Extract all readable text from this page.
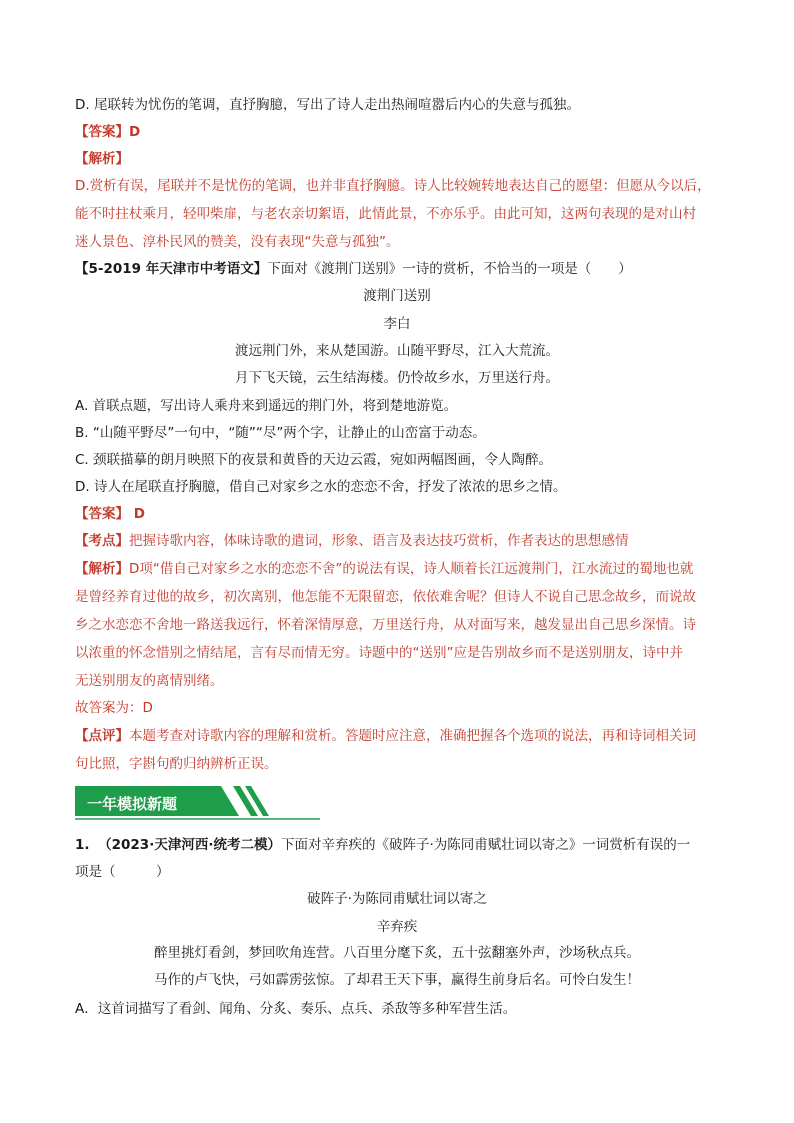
D. 尾联转为忧伤的笔调，直抒胸臆，写出了诗人走出热闹喧嚣后内心的失意与孤独。
【答案】D
【解析】
D.赏析有误，尾联并不是忧伤的笔调，也并非直抒胸臆。诗人比较婉转地表达自己的愿望：但愿从今以后，
能不时拄杖乘月，轻叩柴扉，与老农亲切絮语，此情此景，不亦乐乎。由此可知，这两句表现的是对山村
迷人景色、淳朴民风的赞美，没有表现“失意与孤独”。
【5-2019 年天津市中考语文】下面对《渡荆门送别》一诗的赏析，不恰当的一项是（　　）
渡荆门送别
李白
渡远荆门外，来从楚国游。山随平野尽，江入大荒流。
月下飞天镜，云生结海楼。仍怜故乡水，万里送行舟。
A. 首联点题，写出诗人乘舟来到遥远的荆门外，将到楚地游览。
B. “山随平野尽”一句中，“随”“尽”两个字，让静止的山峦富于动态。
C. 颈联描摹的朗月映照下的夜景和黄昏的天边云霞，宛如两幅图画，令人陶醉。
D. 诗人在尾联直抒胸臆，借自己对家乡之水的恋恋不舍，抒发了浓浓的思乡之情。
【答案】 D
【考点】把握诗歌内容，体味诗歌的遣词，形象、语言及表达技巧赏析，作者表达的思想感情
【解析】D项“借自己对家乡之水的恋恋不舍”的说法有误，诗人顺着长江远渡荆门，江水流过的蜀地也就
是曾经养育过他的故乡，初次离别，他怎能不无限留恋，依依难舍呢？但诗人不说自己思念故乡，而说故
乡之水恋恋不舍地一路送我远行，怀着深情厚意，万里送行舟，从对面写来，越发显出自己思乡深情。诗
以浓重的怀念惜别之情结尾，言有尽而情无穷。诗题中的“送别”应是告别故乡而不是送别朋友，诗中并
无送别朋友的离情别绪。
故答案为：D
【点评】本题考查对诗歌内容的理解和赏析。答题时应注意，准确把握各个选项的说法，再和诗词相关词
句比照，字斟句酌归纳辨析正误。
一年模拟新题
1. （2023·天津河西·统考二模）下面对辛弃疾的《破阵子·为陈同甫赋壮词以寄之》一词赏析有误的一
项是（　　　）
破阵子·为陈同甫赋壮词以寄之
辛弃疾
醉里挑灯看剑，梦回吹角连营。八百里分麾下炙，五十弦翻塞外声，沙场秋点兵。
马作的卢飞快，弓如霹雳弦惊。了却君王天下事，赢得生前身后名。可怜白发生！
A．这首词描写了看剑、闻角、分炙、奏乐、点兵、杀敌等多种军营生活。
